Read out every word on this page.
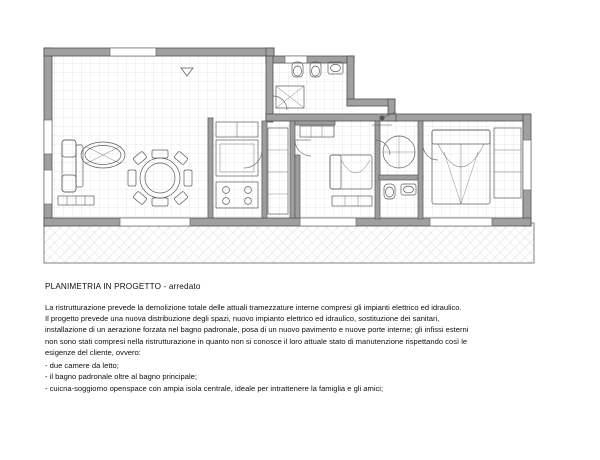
PLANIMETRIA IN PROGETTO - arredato
La ristrutturazione prevede la demolizione totale delle attuali tramezzature interne compresi gli impianti elettrico ed idraulico.
Il progetto prevede una nuova distribuzione degli spazi, nuovo impianto elettrico ed idraulico, sostituzione dei sanitari,
installazione di un aerazione forzata nel bagno padronale, posa di un nuovo pavimento e nuove porte interne; gli infissi esterni
non sono stati compresi nella ristrutturazione in quanto non si conosce il loro attuale stato di manutenzione rispettando così le
esigenze del cliente, ovvero:
- due camere da letto;
- il bagno padronale oltre al bagno principale;
- cuicna-soggiorno openspace con ampia isola centrale, ideale per intrattenere la famiglia e gli amici;
